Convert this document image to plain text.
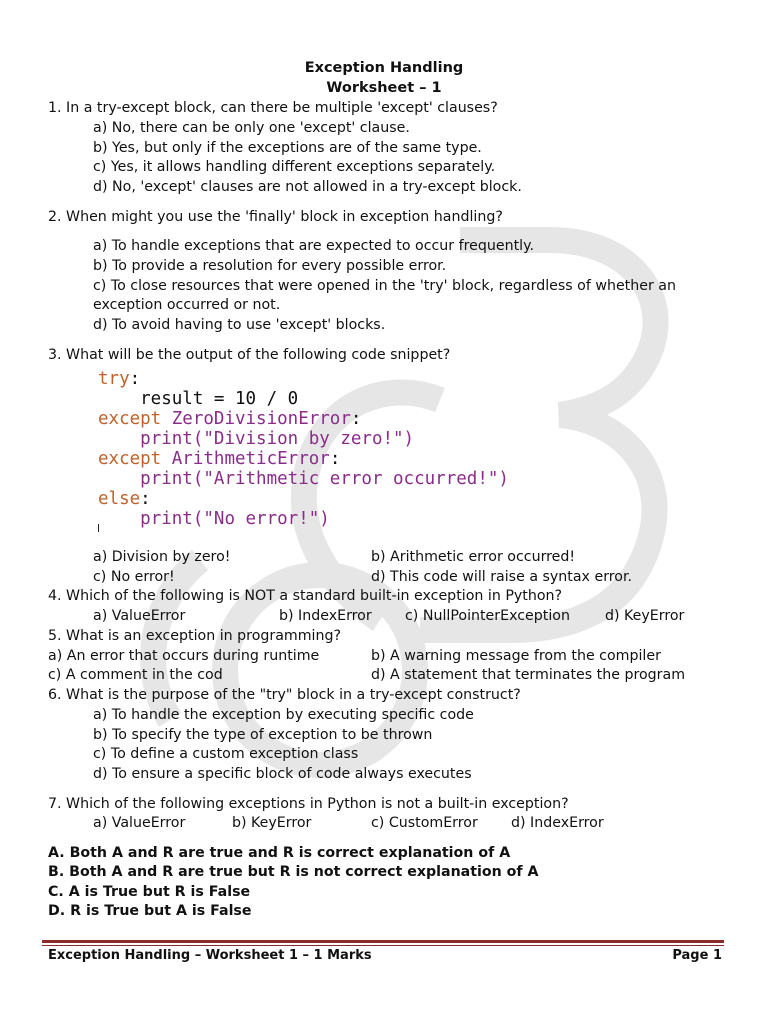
Exception Handling
Worksheet – 1
1. In a try-except block, can there be multiple 'except' clauses?
a) No, there can be only one 'except' clause.
b) Yes, but only if the exceptions are of the same type.
c) Yes, it allows handling different exceptions separately.
d) No, 'except' clauses are not allowed in a try-except block.
2. When might you use the 'finally' block in exception handling?
a) To handle exceptions that are expected to occur frequently.
b) To provide a resolution for every possible error.
c) To close resources that were opened in the 'try' block, regardless of whether an
exception occurred or not.
d) To avoid having to use 'except' blocks.
3. What will be the output of the following code snippet?
try:
result = 10 / 0
except ZeroDivisionError:
print("Division by zero!")
except ArithmeticError:
print("Arithmetic error occurred!")
else:
print("No error!")
a) Division by zero!	b) Arithmetic error occurred!
c) No error!	d) This code will raise a syntax error.
4. Which of the following is NOT a standard built-in exception in Python?
a) ValueError	b) IndexError c) NullPointerException d) KeyError
5. What is an exception in programming?
a) An error that occurs during runtime	b) A warning message from the compiler
c) A comment in the cod	d) A statement that terminates the program
6. What is the purpose of the "try" block in a try-except construct?
a) To handle the exception by executing specific code
b) To specify the type of exception to be thrown
c) To define a custom exception class
d) To ensure a specific block of code always executes
7. Which of the following exceptions in Python is not a built-in exception?
a) ValueError	b) KeyError	c) CustomError d) IndexError
A. Both A and R are true and R is correct explanation of A
B. Both A and R are true but R is not correct explanation of A
C. A is True but R is False
D. R is True but A is False
Exception Handling – Worksheet 1 – 1 Marks	Page 1
